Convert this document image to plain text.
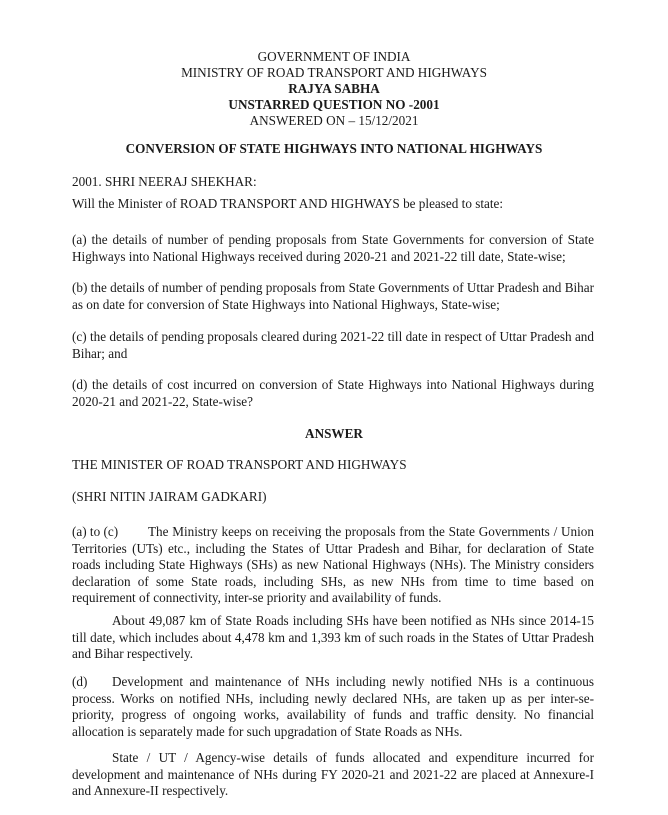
GOVERNMENT OF INDIA
MINISTRY OF ROAD TRANSPORT AND HIGHWAYS
RAJYA SABHA
UNSTARRED QUESTION NO -2001
ANSWERED ON – 15/12/2021
CONVERSION OF STATE HIGHWAYS INTO NATIONAL HIGHWAYS
2001. SHRI NEERAJ SHEKHAR:
Will the Minister of ROAD TRANSPORT AND HIGHWAYS be pleased to state:
(a) the details of number of pending proposals from State Governments for conversion of State Highways into National Highways received during 2020-21 and 2021-22 till date, State-wise;
(b) the details of number of pending proposals from State Governments of Uttar Pradesh and Bihar as on date for conversion of State Highways into National Highways, State-wise;
(c) the details of pending proposals cleared during 2021-22 till date in respect of Uttar Pradesh and Bihar; and
(d) the details of cost incurred on conversion of State Highways into National Highways during 2020-21 and 2021-22, State-wise?
ANSWER
THE MINISTER OF ROAD TRANSPORT AND HIGHWAYS
(SHRI NITIN JAIRAM GADKARI)
(a) to (c) The Ministry keeps on receiving the proposals from the State Governments / Union Territories (UTs) etc., including the States of Uttar Pradesh and Bihar, for declaration of State roads including State Highways (SHs) as new National Highways (NHs). The Ministry considers declaration of some State roads, including SHs, as new NHs from time to time based on requirement of connectivity, inter-se priority and availability of funds.
About 49,087 km of State Roads including SHs have been notified as NHs since 2014-15 till date, which includes about 4,478 km and 1,393 km of such roads in the States of Uttar Pradesh and Bihar respectively.
(d) Development and maintenance of NHs including newly notified NHs is a continuous process. Works on notified NHs, including newly declared NHs, are taken up as per inter-se-priority, progress of ongoing works, availability of funds and traffic density. No financial allocation is separately made for such upgradation of State Roads as NHs.
State / UT / Agency-wise details of funds allocated and expenditure incurred for development and maintenance of NHs during FY 2020-21 and 2021-22 are placed at Annexure-I and Annexure-II respectively.
